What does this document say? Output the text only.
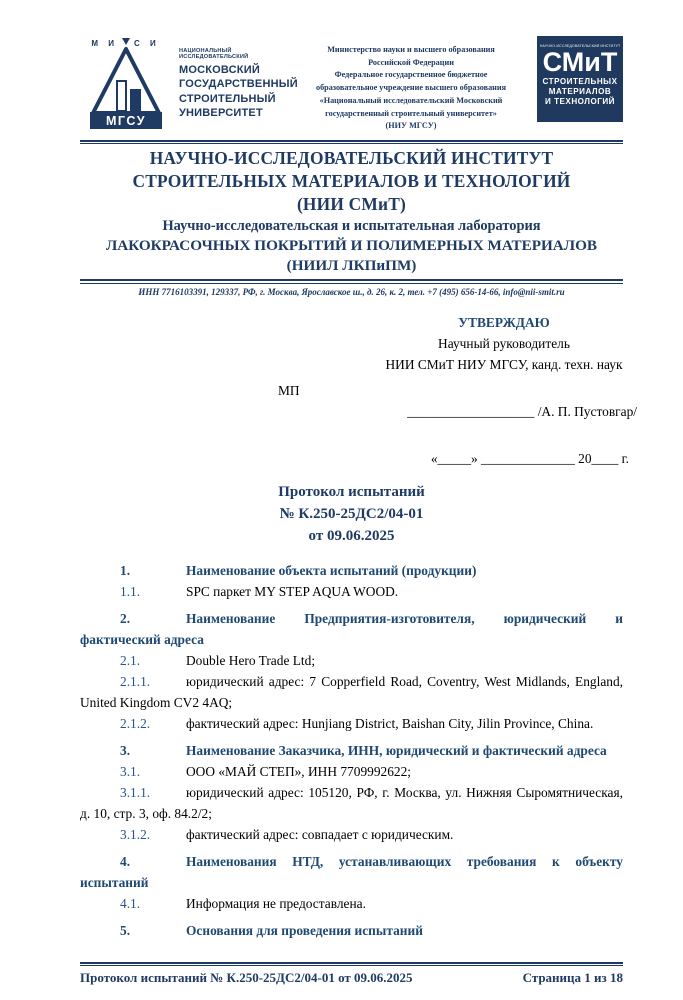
М И С И
МГСУ
НАЦИОНАЛЬНЫЙ ИССЛЕДОВАТЕЛЬСКИЙ
МОСКОВСКИЙ
ГОСУДАРСТВЕННЫЙ
СТРОИТЕЛЬНЫЙ
УНИВЕРСИТЕТ
Министерство науки и высшего образования
Российской Федерации
Федеральное государственное бюджетное
образовательное учреждение высшего образования
«Национальный исследовательский Московский
государственный строительный университет»
(НИУ МГСУ)
НАУЧНО-ИССЛЕДОВАТЕЛЬСКИЙ ИНСТИТУТ
СМиТ
СТРОИТЕЛЬНЫХ
МАТЕРИАЛОВ
И ТЕХНОЛОГИЙ
НАУЧНО-ИССЛЕДОВАТЕЛЬСКИЙ ИНСТИТУТ
СТРОИТЕЛЬНЫХ МАТЕРИАЛОВ И ТЕХНОЛОГИЙ
(НИИ СМиТ)
Научно-исследовательская и испытательная лаборатория
ЛАКОКРАСОЧНЫХ ПОКРЫТИЙ И ПОЛИМЕРНЫХ МАТЕРИАЛОВ
(НИИЛ ЛКПиПМ)
ИНН 7716103391, 129337, РФ, г. Москва, Ярославское ш., д. 26, к. 2, тел. +7 (495) 656-14-66, info@nii-smit.ru
УТВЕРЖДАЮ
Научный руководитель
НИИ СМиТ НИУ МГСУ, канд. техн. наук
МП
___________________ /А. П. Пустовгар/
«_____» ______________ 20____ г.
Протокол испытаний
№ К.250-25ДС2/04-01
от 09.06.2025

1.	Наименование объекта испытаний (продукции)

1.1.	SPC паркет MY STEP AQUA WOOD.

2.	Наименование Предприятия-изготовителя, юридический и фактический адреса

2.1.	Double Hero Trade Ltd;

2.1.1.	юридический адрес: 7 Copperfield Road, Coventry, West Midlands, England, United Kingdom CV2 4AQ;

2.1.2.	фактический адрес: Hunjiang District, Baishan City, Jilin Province, China.

3.	Наименование Заказчика, ИНН, юридический и фактический адреса

3.1.	ООО «МАЙ СТЕП», ИНН 7709992622;

3.1.1.	юридический адрес: 105120, РФ, г. Москва, ул. Нижняя Сыромятническая, д. 10, стр. 3, оф. 84.2/2;

3.1.2.	фактический адрес: совпадает с юридическим.

4.	Наименования НТД, устанавливающих требования к объекту испытаний

4.1.	Информация не предоставлена.

5.	Основания для проведения испытаний

Протокол испытаний № К.250-25ДС2/04-01 от 09.06.2025	Страница 1 из 18
